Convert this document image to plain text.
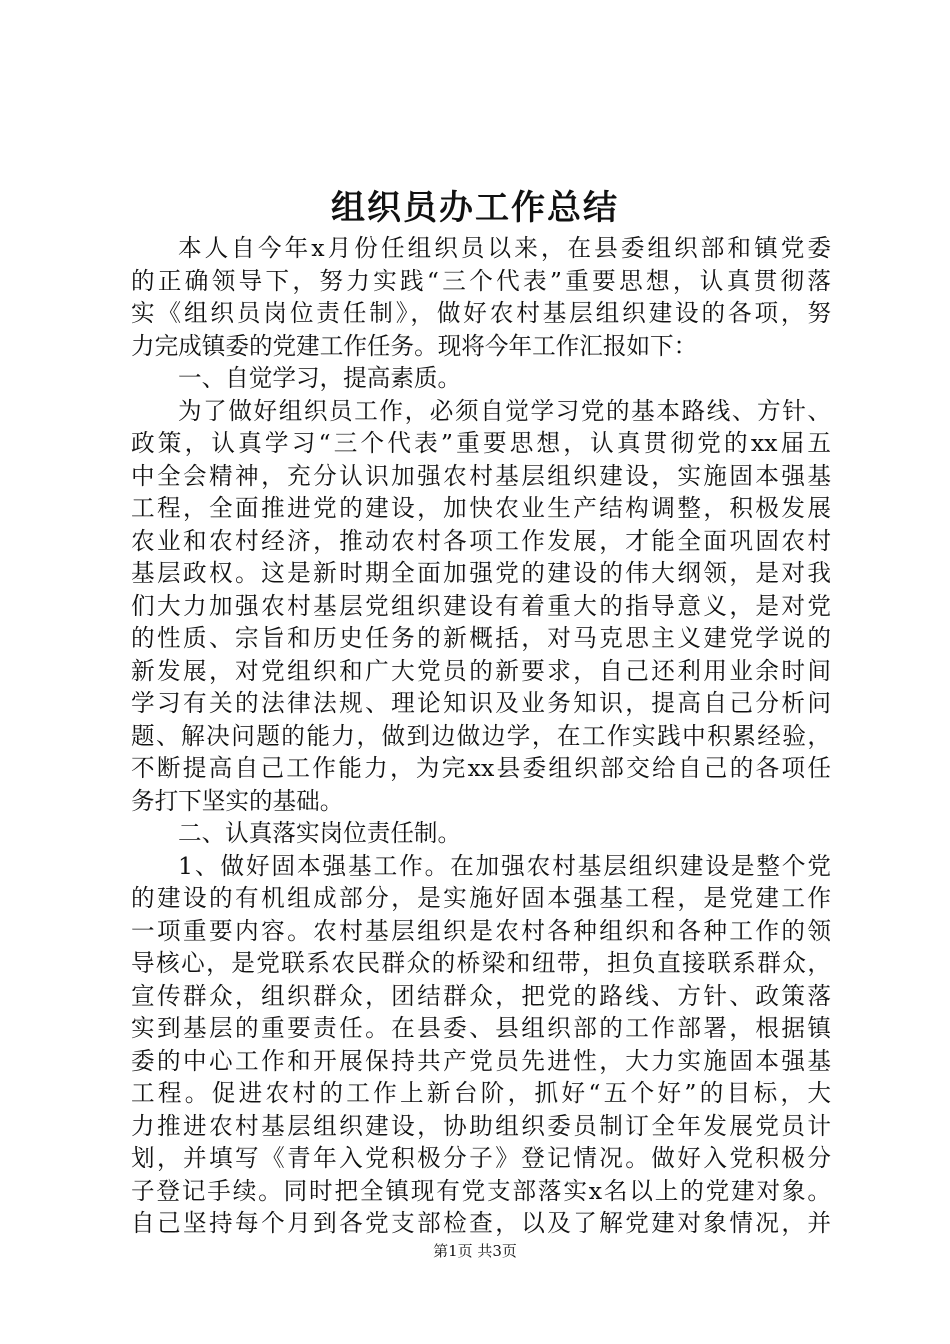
组织员办工作总结
本人自今年x月份任组织员以来，在县委组织部和镇党委
的正确领导下，努力实践“三个代表”重要思想，认真贯彻落
实《组织员岗位责任制》，做好农村基层组织建设的各项，努
力完成镇委的党建工作任务。现将今年工作汇报如下：
一、自觉学习，提高素质。
为了做好组织员工作，必须自觉学习党的基本路线、方针、
政策，认真学习“三个代表”重要思想，认真贯彻党的xx届五
中全会精神，充分认识加强农村基层组织建设，实施固本强基
工程，全面推进党的建设，加快农业生产结构调整，积极发展
农业和农村经济，推动农村各项工作发展，才能全面巩固农村
基层政权。这是新时期全面加强党的建设的伟大纲领，是对我
们大力加强农村基层党组织建设有着重大的指导意义，是对党
的性质、宗旨和历史任务的新概括，对马克思主义建党学说的
新发展，对党组织和广大党员的新要求，自己还利用业余时间
学习有关的法律法规、理论知识及业务知识，提高自己分析问
题、解决问题的能力，做到边做边学，在工作实践中积累经验，
不断提高自己工作能力，为完xx县委组织部交给自己的各项任
务打下坚实的基础。
二、认真落实岗位责任制。
1、做好固本强基工作。在加强农村基层组织建设是整个党
的建设的有机组成部分，是实施好固本强基工程，是党建工作
一项重要内容。农村基层组织是农村各种组织和各种工作的领
导核心，是党联系农民群众的桥梁和纽带，担负直接联系群众，
宣传群众，组织群众，团结群众，把党的路线、方针、政策落
实到基层的重要责任。在县委、县组织部的工作部署，根据镇
委的中心工作和开展保持共产党员先进性，大力实施固本强基
工程。促进农村的工作上新台阶，抓好“五个好”的目标，大
力推进农村基层组织建设，协助组织委员制订全年发展党员计
划，并填写《青年入党积极分子》登记情况。做好入党积极分
子登记手续。同时把全镇现有党支部落实x名以上的党建对象。
自己坚持每个月到各党支部检查，以及了解党建对象情况，并
第1页 共3页
